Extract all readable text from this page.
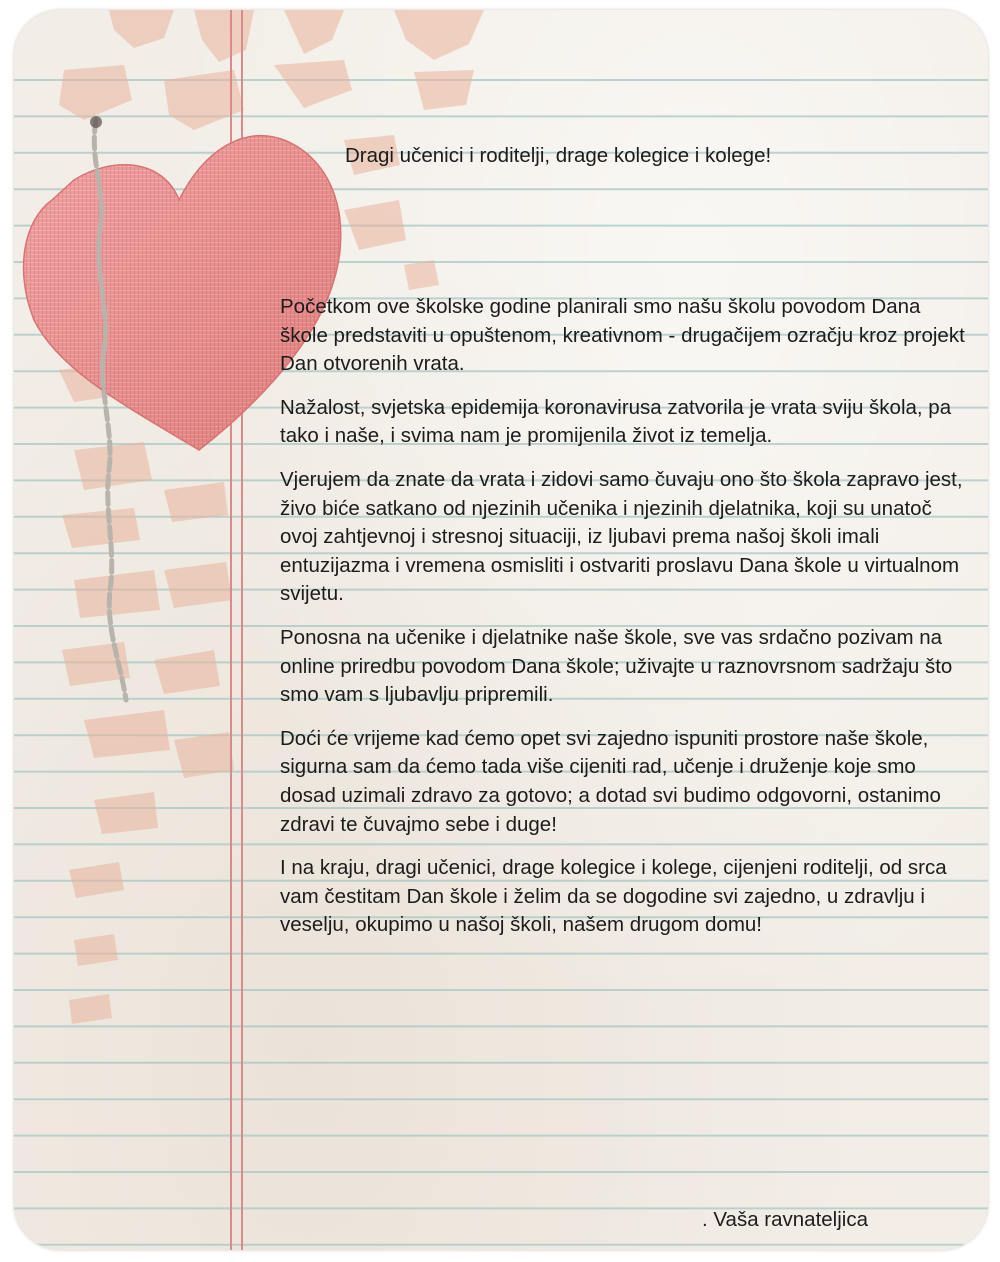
Dragi učenici i roditelji, drage kolegice i kolege!

Početkom ove školske godine planirali smo našu školu povodom Dana škole predstaviti u opuštenom, kreativnom - drugačijem ozračju kroz projekt Dan otvorenih vrata.

Nažalost, svjetska epidemija koronavirusa zatvorila je vrata sviju škola, pa tako i naše, i svima nam je promijenila život iz temelja.

Vjerujem da znate da vrata i zidovi samo čuvaju ono što škola zapravo jest, živo biće satkano od njezinih učenika i njezinih djelatnika, koji su unatoč ovoj zahtjevnoj i stresnoj situaciji, iz ljubavi prema našoj školi imali entuzijazma i vremena osmisliti i ostvariti proslavu Dana škole u virtualnom svijetu.

Ponosna na učenike i djelatnike naše škole, sve vas srdačno pozivam na online priredbu povodom Dana škole; uživajte u raznovrsnom sadržaju što smo vam s ljubavlju pripremili.

Doći će vrijeme kad ćemo opet svi zajedno ispuniti prostore naše škole, sigurna sam da ćemo tada više cijeniti rad, učenje i druženje koje smo dosad uzimali zdravo za gotovo; a dotad svi budimo odgovorni, ostanimo zdravi te čuvajmo sebe i duge!

I na kraju, dragi učenici, drage kolegice i kolege, cijenjeni roditelji, od srca vam čestitam Dan škole i želim da se dogodine svi zajedno, u zdravlju i veselju, okupimo u našoj školi, našem drugom domu!

. Vaša ravnateljica
